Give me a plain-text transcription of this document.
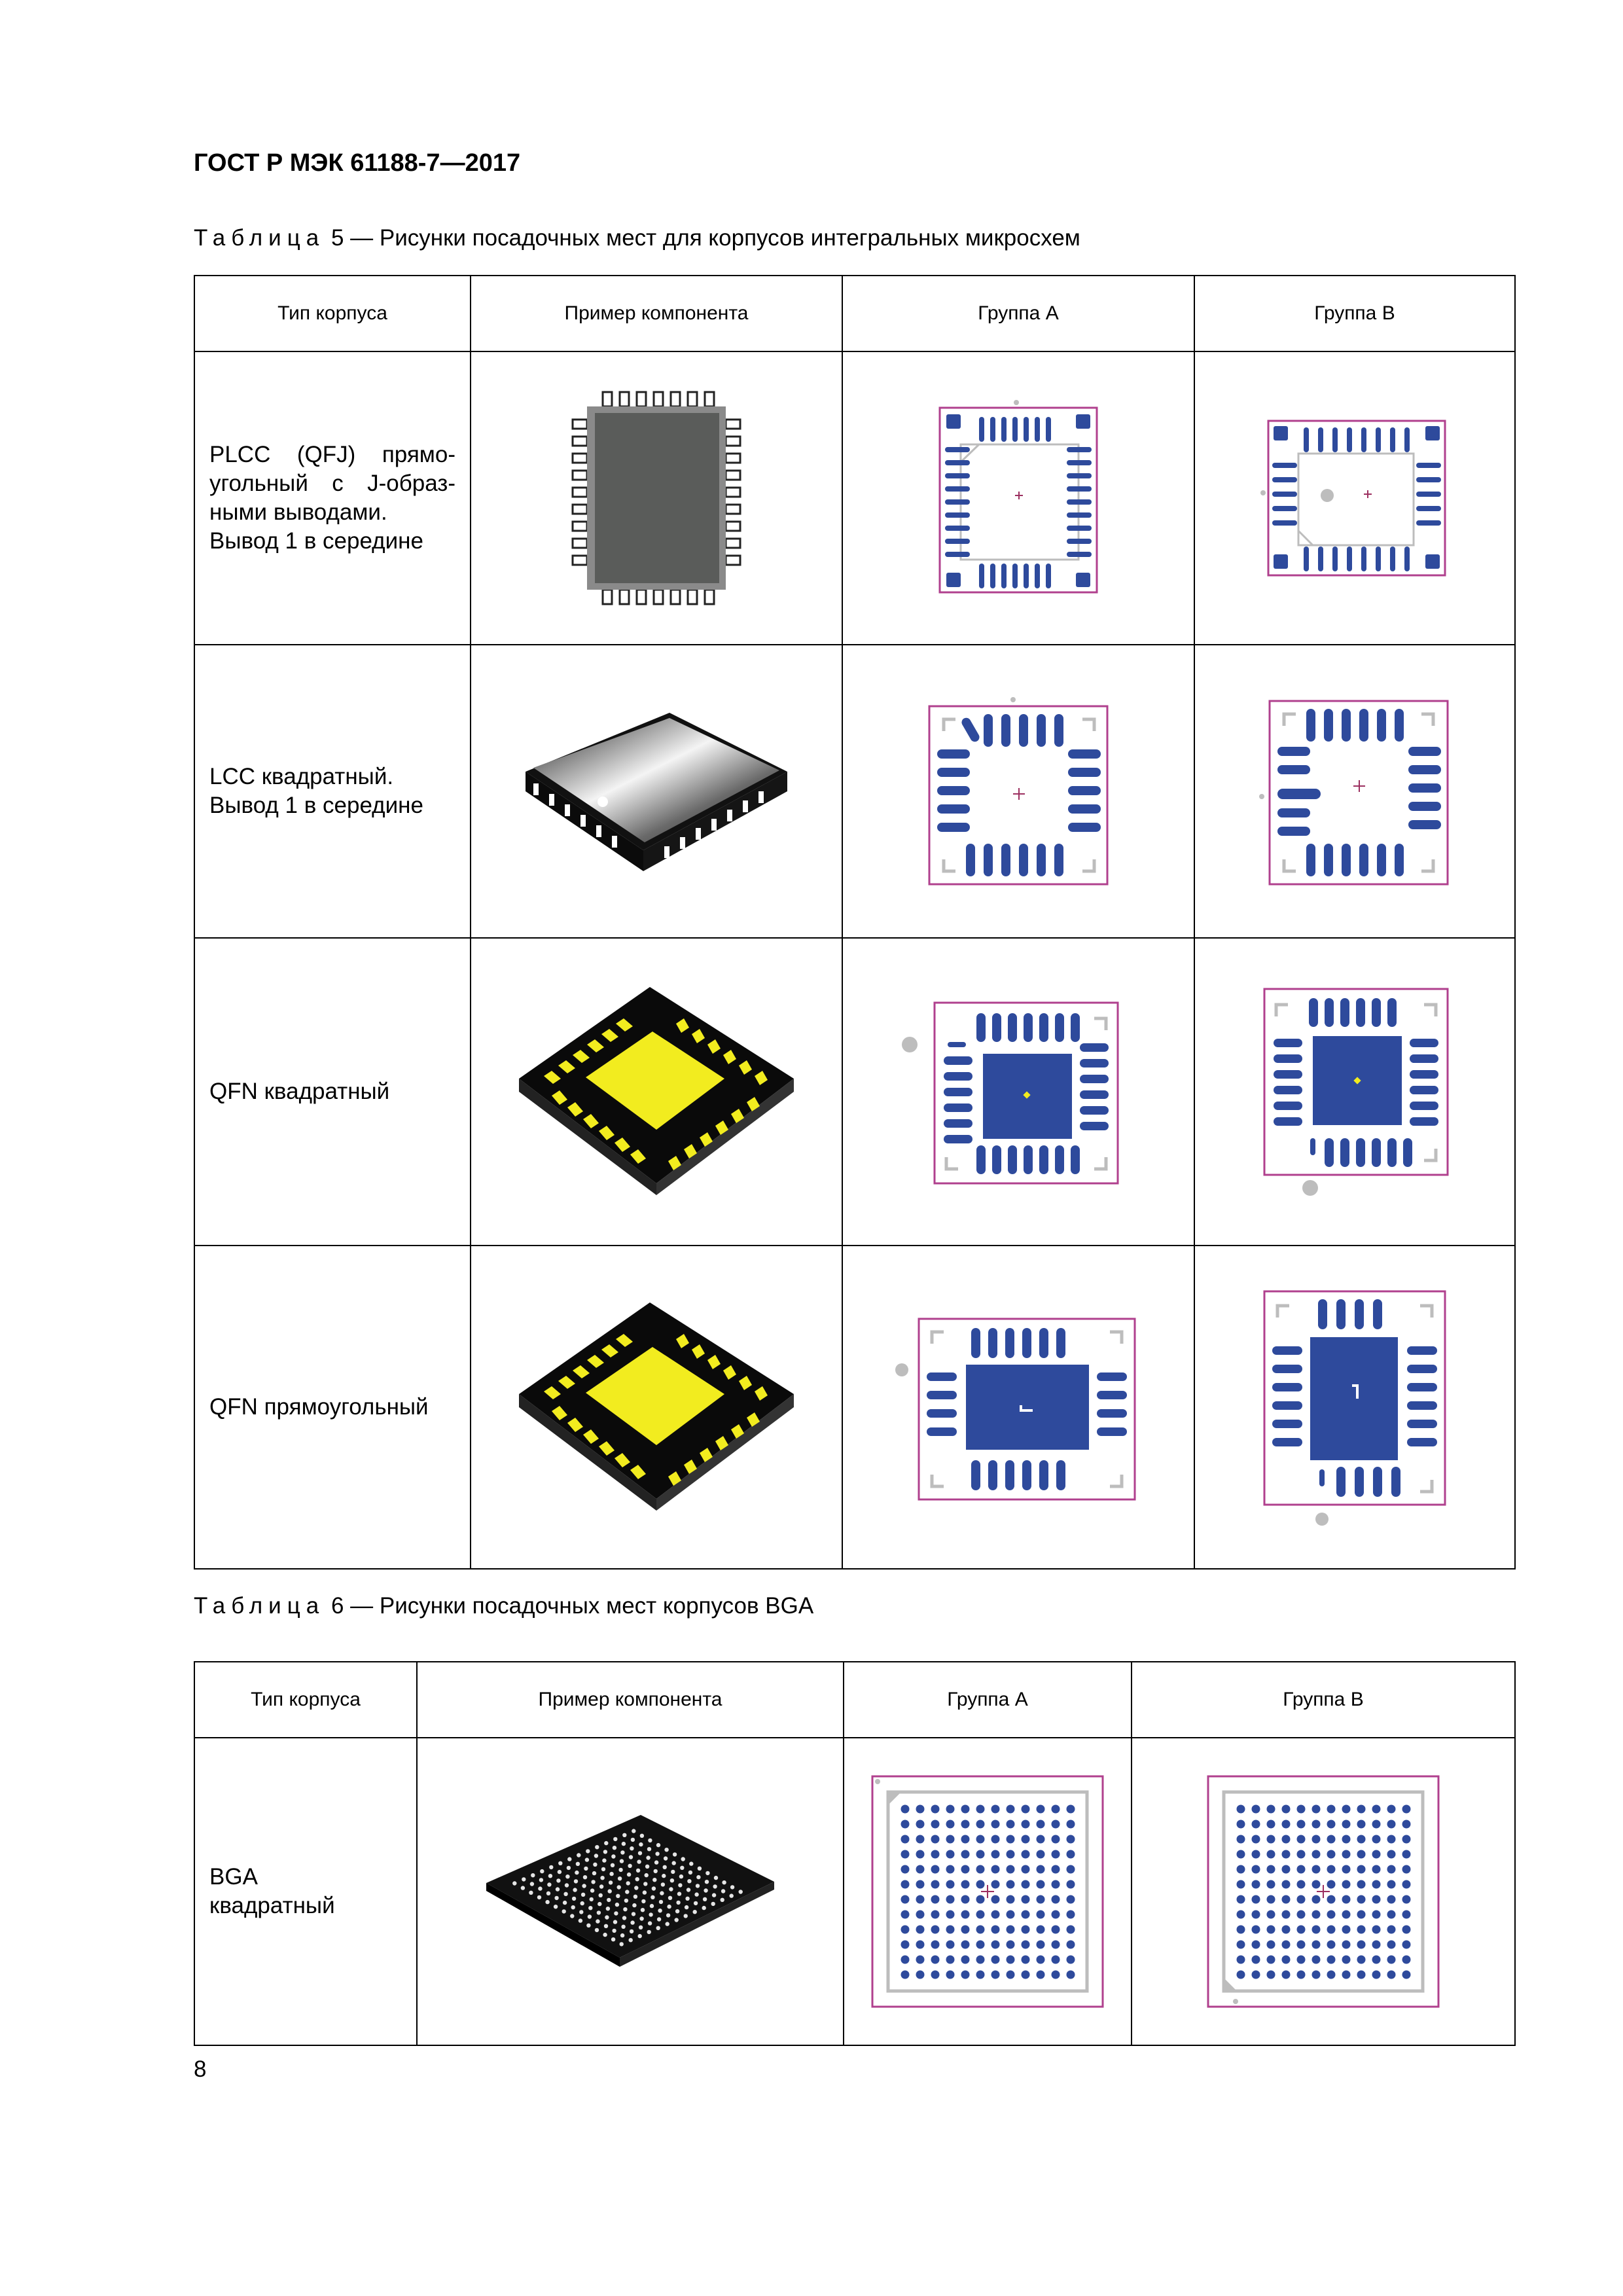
ГОСТ Р МЭК 61188-7—2017

Таблица 5 — Рисунки посадочных мест для корпусов интегральных микросхем

Тип корпуса	Пример компонента	Группа А	Группа В

PLCC (QFJ) прямо-
угольный с J-образ-
ными выводами.
Вывод 1 в середине

LCC квадратный.
Вывод 1 в середине

QFN квадратный

QFN прямоугольный

Таблица 6 — Рисунки посадочных мест корпусов BGA

Тип корпуса	Пример компонента	Группа А	Группа В

BGA
квадратный

8
